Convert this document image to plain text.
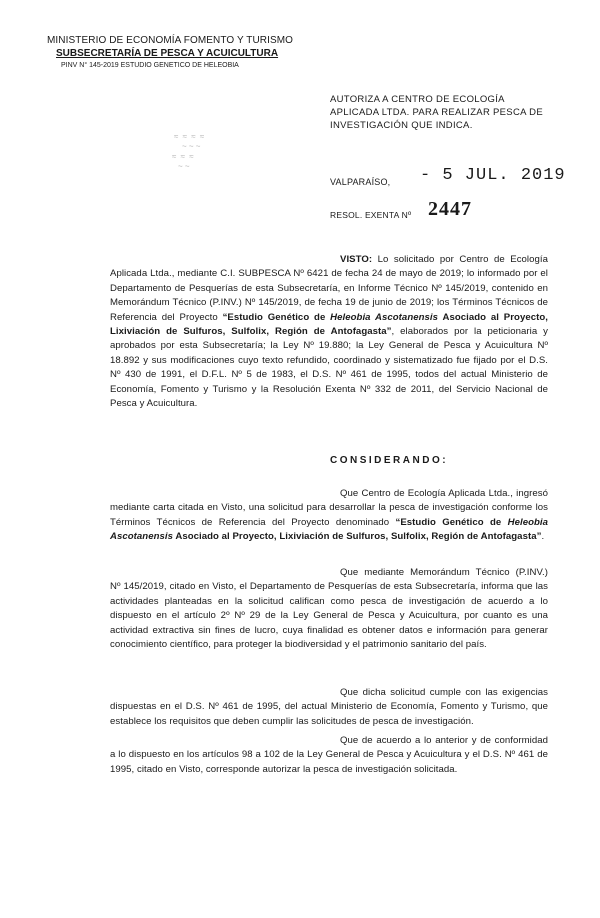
MINISTERIO DE ECONOMÍA FOMENTO Y TURISMO
SUBSECRETARÍA DE PESCA Y ACUICULTURA
PINV N° 145-2019 ESTUDIO GENETICO DE HELEOBIA
≈ ≈ ≈ ≈
~ ~ ~
≈ ≈ ≈
~ ~
AUTORIZA A CENTRO DE ECOLOGÍA APLICADA LTDA. PARA REALIZAR PESCA DE INVESTIGACIÓN QUE INDICA.
VALPARAÍSO, - 5 JUL. 2019
RESOL. EXENTA Nº 2447
VISTO: Lo solicitado por Centro de Ecología Aplicada Ltda., mediante C.I. SUBPESCA Nº 6421 de fecha 24 de mayo de 2019; lo informado por el Departamento de Pesquerías de esta Subsecretaría, en Informe Técnico Nº 145/2019, contenido en Memorándum Técnico (P.INV.) Nº 145/2019, de fecha 19 de junio de 2019; los Términos Técnicos de Referencia del Proyecto “Estudio Genético de Heleobia Ascotanensis Asociado al Proyecto, Lixiviación de Sulfuros, Sulfolix, Región de Antofagasta”, elaborados por la peticionaria y aprobados por esta Subsecretaría; la Ley Nº 19.880; la Ley General de Pesca y Acuicultura Nº 18.892 y sus modificaciones cuyo texto refundido, coordinado y sistematizado fue fijado por el D.S. Nº 430 de 1991, el D.F.L. Nº 5 de 1983, el D.S. Nº 461 de 1995, todos del actual Ministerio de Economía, Fomento y Turismo y la Resolución Exenta Nº 332 de 2011, del Servicio Nacional de Pesca y Acuicultura.
CONSIDERANDO:
Que Centro de Ecología Aplicada Ltda., ingresó mediante carta citada en Visto, una solicitud para desarrollar la pesca de investigación conforme los Términos Técnicos de Referencia del Proyecto denominado “Estudio Genético de Heleobia Ascotanensis Asociado al Proyecto, Lixiviación de Sulfuros, Sulfolix, Región de Antofagasta”.
Que mediante Memorándum Técnico (P.INV.) Nº 145/2019, citado en Visto, el Departamento de Pesquerías de esta Subsecretaría, informa que las actividades planteadas en la solicitud califican como pesca de investigación de acuerdo a lo dispuesto en el artículo 2º Nº 29 de la Ley General de Pesca y Acuicultura, por cuanto es una actividad extractiva sin fines de lucro, cuya finalidad es obtener datos e información para generar conocimiento científico, para proteger la biodiversidad y el patrimonio sanitario del país.
Que dicha solicitud cumple con las exigencias dispuestas en el D.S. Nº 461 de 1995, del actual Ministerio de Economía, Fomento y Turismo, que establece los requisitos que deben cumplir las solicitudes de pesca de investigación.
Que de acuerdo a lo anterior y de conformidad a lo dispuesto en los artículos 98 a 102 de la Ley General de Pesca y Acuicultura y el D.S. Nº 461 de 1995, citado en Visto, corresponde autorizar la pesca de investigación solicitada.
